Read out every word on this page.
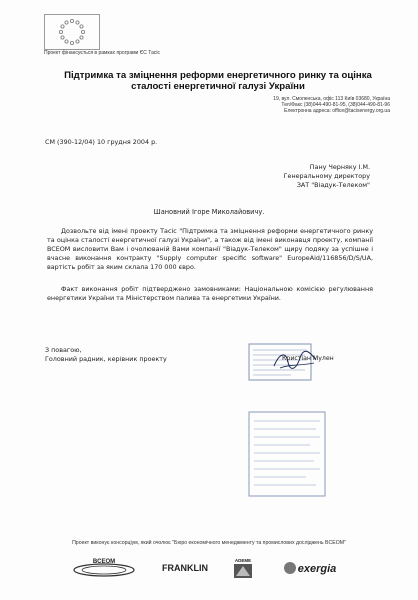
Проект фінансується в рамках програми ЄС Тасіс
Підтримка та зміцнення реформи енергетичного ринку та оцінка сталості енергетичної галузі України
19, вул. Смоленська, офіс 113 Київ 03680, Україна
Тел/Факс (38)044-490-81-95, (38)044-490-81-96
Електронна адреса: office@tacisenergy.org.ua
CM (390-12/04) 10 грудня 2004 р.
Пану Черняку І.М.
Генеральному директору
ЗАТ "Віадук-Телеком"
Шановний Ігоре Миколайовичу.
Дозвольте від імені проекту Тасіс "Підтримка та зміцнення реформи енергетичного ринку та оцінка сталості енергетичної галузі України", а також від імені виконавця проекту, компанії BCEOM висловити Вам і очолюваній Вами компанії "Віадук-Телеком" щиру подяку за успішне і вчасне виконання контракту "Supply computer specific software" EuropeAid/116856/D/S/UA, вартість робіт за яким склала 170 000 євро.
Факт виконання робіт підтверджено замовниками: Національною комісією регулювання енергетики України та Міністерством палива та енергетики України.
З повагою,
Головний радник, керівник проекту	Кристіан Мулен
Проект виконує консорціум, який очолює "Бюро економічного менеджменту та промислових досліджень BCEOM"
BCEOM
FRANKLIN
ADEME
exergia
